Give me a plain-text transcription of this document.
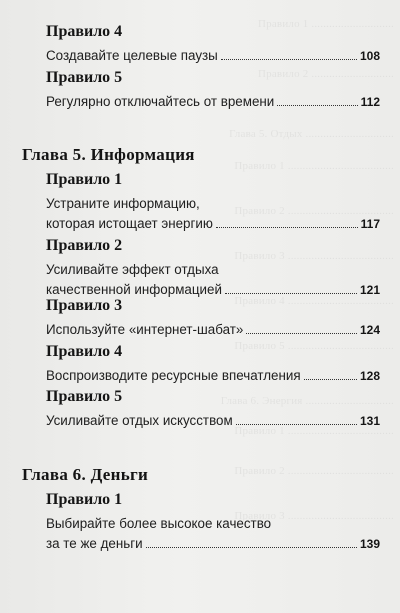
Правило 1 ............................
Правило 2 ............................
Глава 5. Отдых ..............................
Правило 1 ....................................
Правило 2 ....................................
Правило 3 ....................................
Правило 4 ....................................
Правило 5 ....................................
Глава 6. Энергия ..............................
Правило 1 ....................................
Правило 2 ....................................
Правило 3 ....................................
Правило 4
Создавайте целевые паузы	108
Правило 5
Регулярно отключайтесь от времени	112
Глава 5. Информация
Правило 1
Устраните информацию,
которая истощает энергию	117
Правило 2
Усиливайте эффект отдыха
качественной информацией	121
Правило 3
Используйте «интернет-шабат»	124
Правило 4
Воспроизводите ресурсные впечатления	128
Правило 5
Усиливайте отдых искусством	131
Глава 6. Деньги
Правило 1
Выбирайте более высокое качество
за те же деньги	139
